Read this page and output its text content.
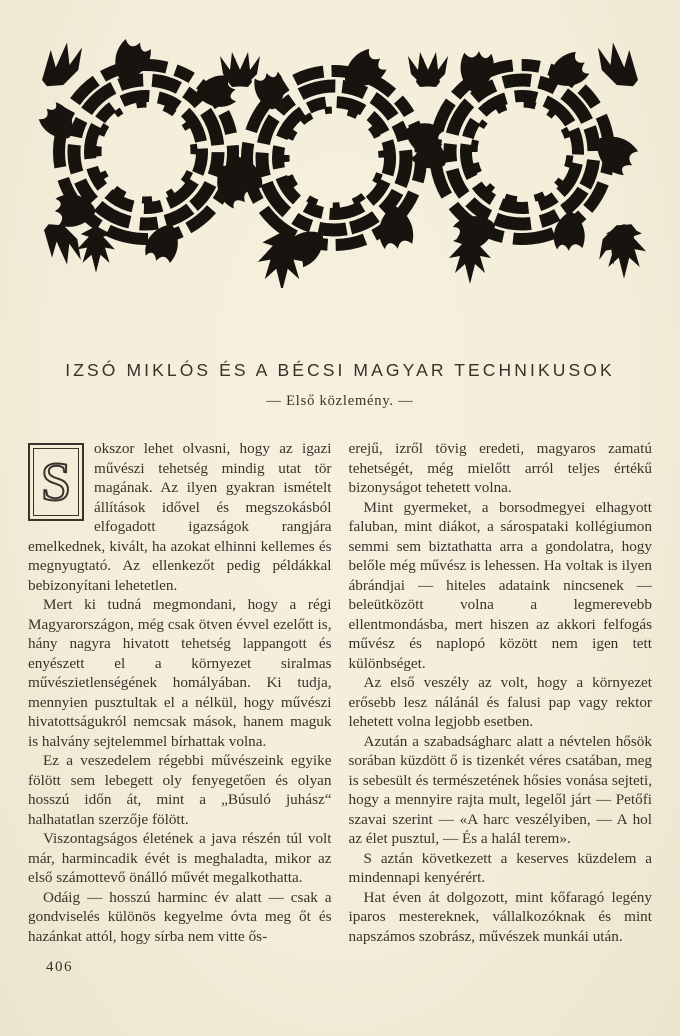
IZSÓ MIKLÓS ÉS A BÉCSI MAGYAR TECHNIKUSOK
— Első közlemény. —

S
okszor lehet olvasni, hogy az igazi művészi tehetség mindig utat tör magának. Az ilyen gyakran ismételt állítások idővel és megszokásból elfogadott igazságok rangjára emelkednek, kivált, ha azokat elhinni kellemes és megnyugtató. Az ellenkezőt pedig példákkal bebizonyítani lehetetlen.

Mert ki tudná megmondani, hogy a régi Magyarországon, még csak ötven évvel ezelőtt is, hány nagyra hivatott tehetség lappangott és enyészett el a környezet siralmas művészietlenségének homályában. Ki tudja, mennyien pusztultak el a nélkül, hogy művészi hivatottságukról nemcsak mások, hanem maguk is halvány sejtelemmel bírhattak volna.

Ez a veszedelem régebbi művészeink egyike fölött sem lebegett oly fenyegetően és olyan hosszú időn át, mint a „Búsuló juhász“ halhatatlan szerzője fölött.

Viszontagságos életének a java részén túl volt már, harmincadik évét is meghaladta, mikor az első számottevő önálló művét megalkothatta.

Odáig — hosszú harminc év alatt — csak a gondviselés különös kegyelme óvta meg őt és hazánkat attól, hogy sírba nem vitte ős-

erejű, izről tövig eredeti, magyaros zamatú tehetségét, még mielőtt arról teljes értékű bizonyságot tehetett volna.

Mint gyermeket, a borsodmegyei elhagyott faluban, mint diákot, a sárospataki kollégiumon semmi sem biztathatta arra a gondolatra, hogy belőle még művész is lehessen. Ha voltak is ilyen ábrándjai — hiteles adataink nincsenek — beleütközött volna a legmerevebb ellentmondásba, mert hiszen az akkori felfogás művész és naplopó között nem igen tett különbséget.

Az első veszély az volt, hogy a környezet erősebb lesz nálánál és falusi pap vagy rektor lehetett volna legjobb esetben.

Azután a szabadságharc alatt a névtelen hősök sorában küzdött ő is tizenkét véres csatában, meg is sebesült és természetének hősies vonása sejteti, hogy a mennyire rajta mult, legelől járt — Petőfi szavai szerint — «A harc veszélyiben, — A hol az élet pusztul, — És a halál terem».

S aztán következett a keserves küzdelem a mindennapi kenyérért.

Hat éven át dolgozott, mint kőfaragó legény iparos mestereknek, vállalkozóknak és mint napszámos szobrász, művészek munkái után.

406
